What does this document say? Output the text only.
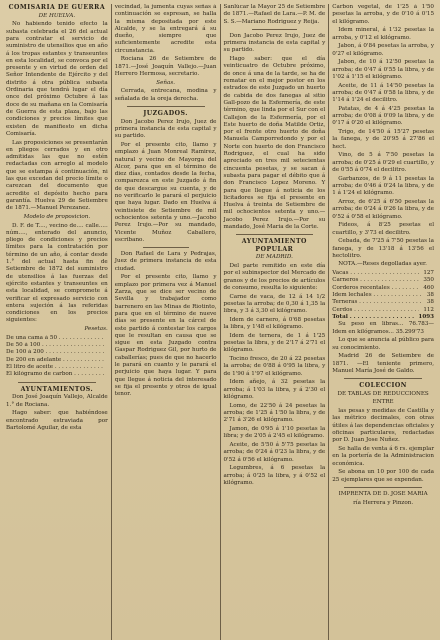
COMISARÍA DE GUERRA

DE HUELVA.

No habiendo tenido efecto la subasta celebrada el 26 del actual para contratar el servicio de suministro de utensilios que en año á los tropas estantes y transeuntes en esta localidad, se convoca por el presente y en virtud de orden del Señor Intendente de Ejército y del distrito á otra pública subasta Ordinaria que tendrá lugar el día once del próximo Octubre á las doce de su mañana en la Comisaría de Guerra de esta plaza, bajo las condiciones y precios límites que existen de manifiesto en dicha Comisaría.

Las proposiciones se presentarán en pliegos cerrados y en otro admitidas las que no estén redactadas con arreglo al modelo que se estampa á continuación, ni las que excedan del precio límite o carezcan del documento que acredite el depósito hecho para garantía. Huelva 29 de Setiembre de 1871.—Manuel Perezanez.

Modelo de proposicion.

D. F. de T...., vecino de.... calle..... núm...., enterado del anuncio, pliego de condiciones y precios límites para la contratación por término de un año, á contar desde 1.° del actual hasta fin de Setiembre de 1872 del suministro de utensilios á las fuerzas del ejército estantes y transeuntes en esta localidad, se compromete á verificar el expresado servicio con entera sujeción á las referidas condiciones en los precios siguientes:

Pesetas.

De una cama á 50 . . .
De 50 á 100 . . .
De 100 á 200 . . .
De 200 en adelante . . .
El litro de aceite . . .
El kilógramo de carbon . . .

AYUNTAMIENTOS.

Don José Joaquín Vallejo, Alcalde 1.° de Rociana.

Hago saber: que habiéndose encontrado estraviada por Bartolomé Aguilar, de esta

vecindad, la jumenta cuyas señas á continuación se espresan, se halla la misma depositada por este Alcalde, y se la entregará á su dueño, siempre que suficientemente acredite esta circunstancia.

Rociana 26 de Setiembre de 1871.—José Joaquín Vallejo.—Juan Herrero Hermosa, secretario.

Señas.

Cerrada, entrecana, modina y señalada de la oreja derecha.

JUZGADOS.

Don Jacobo Perez Irujo, Juez de primera instancia de esta capital y su partido.

Por el presente cito, llamo y emplazo á Juan Monreal Ramirez, natural y vecino de Mayorga del Alcor, para que en el término de diez días, contados desde la fecha, comparezca en este Juzgado á fin de que descargue su cuenta, y de no verificarlo le parará el perjuicio que haya lugar. Dado en Huelva á veintisiete de Setiembre de mil ochocientos setenta y uno.—Jacobo Perez Irujo.—Por su mandado, Vicente Muñoz Caballero, escribano.

Don Rafael de Lara y Pedrajas, Juez de primera instancia de esta ciudad.

Por el presente cito, llamo y emplazo por primera vez á Manuel Zarza, que se dice ser vecino de Sevilla y trabajador como barrenero en las Minas de Riotinto, para que en el término de nueve días se presente en la cárcel de este partido á contestar los cargos que le resultan en causa que se sigue en esta Juzgado contra Gaspar Rodriguez Gil, por hurto de caballerías; pues de que no hacerlo le parará en cuanto y le parará el perjuicio que haya lugar. Y para que llegue á noticia del interesado se fija el presente y otros de igual tenor.

Sanlúcar la Mayor 25 de Setiembre de 1871.—Rafael de Lara.—P. M. de S. S.—Mariano Rodriguez y Reija.

Don Jacobo Perez Irujo, Juez de primera instancia de esta capital y su partido.

Hago saber: que el día veinticuatro de Octubre próximo, de once á una de la tarde, se ha de rematar en el mejor postor en los estrados de este Juzgado un huerto de cabida de dos fanegas al sitio Gall-pozo de la Esfermería, de este término, que linda por el Sur con el Callejon de la Esfermería, por el Este huerto de doña Matilde Ortiz, por el frente otro huerto de doña Manuela Camporredondo y por el Norte con huerto de don Francisco Rodriguez, el cual ha sido apreciado en tres mil setecientas cincuenta pesetas, y se sacan á subasta para pagar el débito que á don Francisco Lopez Moreno. Y para que llegue á noticia de los licitadores se fija el presente en Huelva á treinta de Setiembre de mil ochocientos setenta y uno.—Jacobo Perez Irujo.—Por su mandado, José Maria de la Corte.

AYUNTAMIENTO POPULAR

DE MADRID.

Del parte remitido en este día por el subinspector del Mercado de granos y de los precios de artículos de consumo, resulta lo siguiente:

Carne de vaca, de 12 á 14 1/2 pesetas la arroba; de 0,30 á 1,35 la libra, y 3 á 3,30 el kilógramo.

Idem de carnero, á 0'68 pesetas la libra, y 1'48 el kilógramo.

Idem de ternera, de 1 á 1'25 pesetas la libra, y de 2'17 á 2'71 el kilógramo.

Tocino fresco, de 20 á 22 pesetas la arroba; de 0'88 á 0'95 la libra, y de 1'90 á 1'97 el kilógramo.

Idem añejo, á 32 pesetas la arroba; á 1'03 la libra, y á 2'30 el kilógramo.

Lomo, de 22'50 á 24 pesetas la arroba; de 1'25 á 1'50 la libra, y de 2'71 á 3'26 el kilógramo.

Jamon, de 0'95 á 1'10 pesetas la libra; y de 2'05 á 2'45 el kilógramo.

Aceite, de 5'50 á 5'75 pesetas la arroba; de 0'24 á 0'23 la libra, y de 0'52 á 0'56 el kilógramo.

Legumbres, á 6 pesetas la arroba; á 0'25 la libra, y á 0'52 el kilógramo.

Carbon vegetal, de 1'25 á 1'50 pesetas la arroba, y de 0'10 á 0'15 el kilógramo.

Idem mineral, á 1'32 pesetas la arroba, y 0'12 el kilógramo.

Jabon, á 0'84 pesetas la arroba, y 0'27 el kilógramo.

Jabon, de 10 á 12'50 pesetas la arroba; de 0'47 á 0'55 la libra, y de 1'02 á 1'15 el kilógramo.

Aceite, de 11 á 14'50 pesetas la arroba; de 0'47 á 0'58 la libra, y de 1'14 á 1'24 el decilitro.

Patatas, de 4 á 4'25 pesetas la arroba; de 0'08 á 0'09 la libra, y de 0'17 á 0'20 el kilógramo.

Trigo, de 14'50 á 15'27 pesetas la fanega, y de 20'95 á 27'86 el hect.

Vino, de 5 á 7'50 pesetas la arroba; de 0'25 á 0'29 el cuartillo, y de 0'55 á 0'74 el decilitro.

Garbanzos, de 9 á 11 pesetas la arroba; de 0'46 á 0'24 la libra, y de 1 á 1'24 el kilógramo.

Arroz, de 6'25 á 6'50 pesetas la arroba; de 0'24 á 0'26 la libra, y de 0'52 á 0'58 el kilógramo.

Fideos, á 8'25 pesetas el cuartillo, y 3'73 el decilitro.

Cebada, de 7'25 á 7'50 pesetas la fanega, y de 13'18 á 13'56 el hectolitro.

NOTA.—Reses degolladas ayer.

Vacas . . .	127
Carneros . . .	350
Corderos recentales . . .	460
Idem lechales . . .	38
Terneras . . .	38
Cerdos . . .	112
Total . . .	1093

Su peso en libras... 76.783— Idem en kilógramos... 35.299'73

Lo que se anuncia al público para su conocimiento.

Madrid 26 de Setiembre de 1871. —El teniente primero, Manuel María José de Galdo.

COLECCION

DE TABLAS DE REDUCCIONES

ENTRE

las pesas y medidas de Castilla y las métrico decimales, con otras útiles á las dependencias oficiales y oficinas particulares, redactadas por D. Juan Jose Nuñez.

Se halla de venta á 6 rs. ejemplar en la portería de la Administracion económica.

Se abona un 10 por 100 de cada 25 ejemplares que se expendan.

IMPRENTA DE D. JOSE MARIA

ría Herrera y Pinzon.
